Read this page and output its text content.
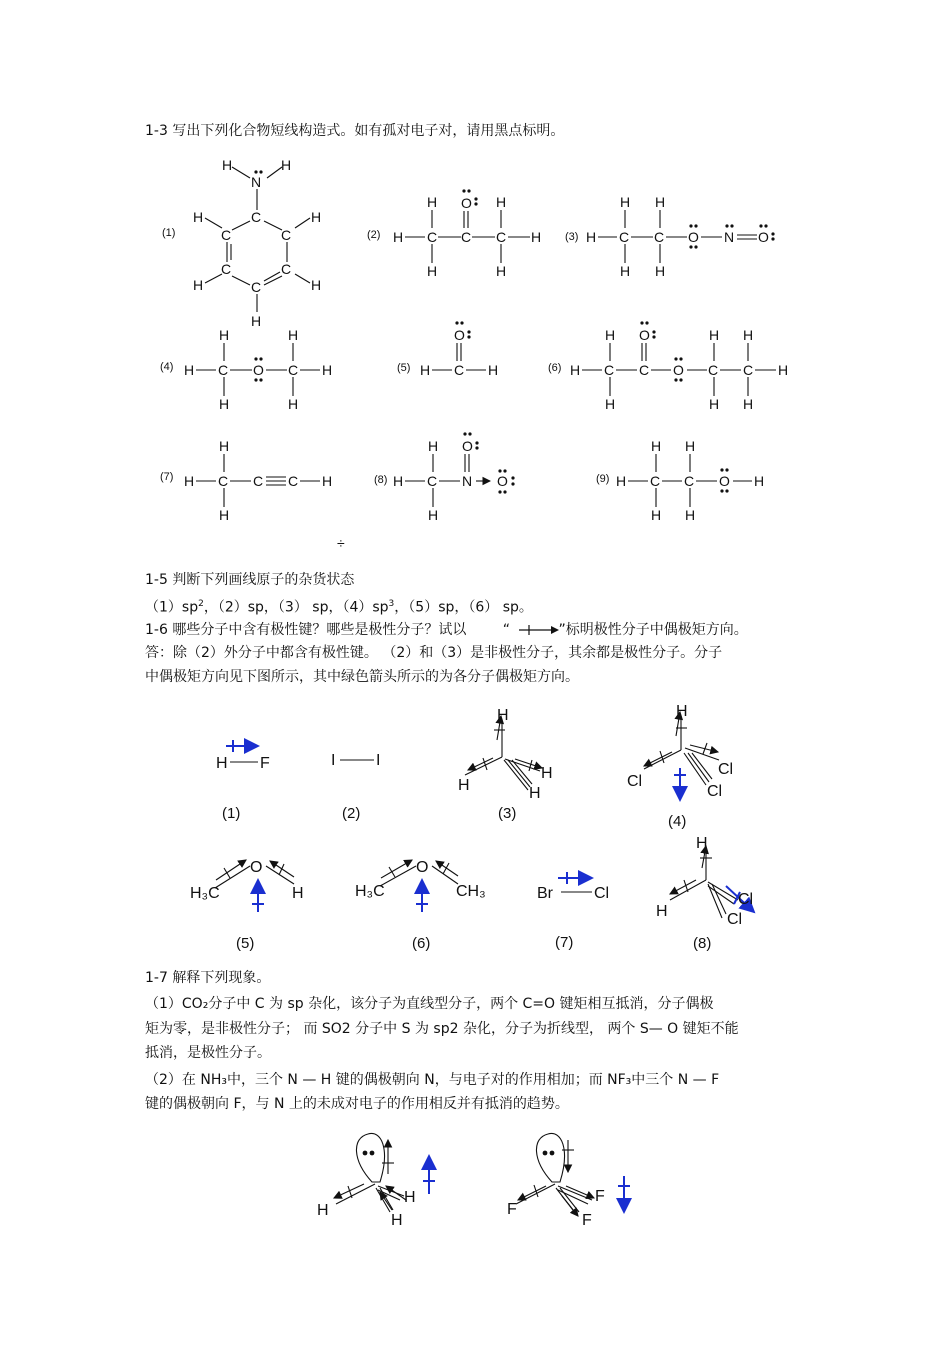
1-3 写出下列化合物短线构造式。如有孤对电子对，请用黑点标明。
1-5 判断下列画线原子的杂货状态
$(1)sp^2$，（2）sp，（3） sp，$(4)sp^3$，（5）sp，（6） sp。
1-6 哪些分子中含有极性键？哪些是极性分子？试以	“	”标明极性分子中偶极矩方向。
答：除（2）外分子中都含有极性键。 （2）和（3）是非极性分子，其余都是极性分子。分子
中偶极矩方向见下图所示，其中绿色箭头所示的为各分子偶极矩方向。
1-7 解释下列现象。
（1）CO₂分子中 C 为 sp 杂化，该分子为直线型分子，两个 C=O 键矩相互抵消，分子偶极
矩为零，是非极性分子； 而 SO2 分子中 S 为 sp2 杂化，分子为折线型， 两个 S— O 键矩不能
抵消，是极性分子。
（2）在 NH₃中，三个 N — H 键的偶极朝向 N，与电子对的作用相加；而 NF₃中三个 N — F
键的偶极朝向 F，与 N 上的未成对电子的作用相反并有抵消的趋势。
(1)	(2)	(3)
(4)	(5)	(6)
(7)	(8)	(9)
H
N
H
C
C	C
C	C
C
H	H
H	H
H
H C C C H
H
H
H
H
O
H C C O N O
H
H
H
H
H C O C H
H
H
H
H
H C H
O
H C C O C C H
H
H
O	H
H
H
H
H C C C H
H
H
H C N O
O
H
H
H C C O H
H
H
H
H
÷
H F
(1)
I	I
(2)
H
H
H
H
(3)
H
Cl
Cl
Cl
(4)
H₃C
O
H
(5)
H₃C
O
CH₃
(6)
Br	Cl
(7)
H
H
Cl
Cl
(8)
H
H
H
F
F
F
